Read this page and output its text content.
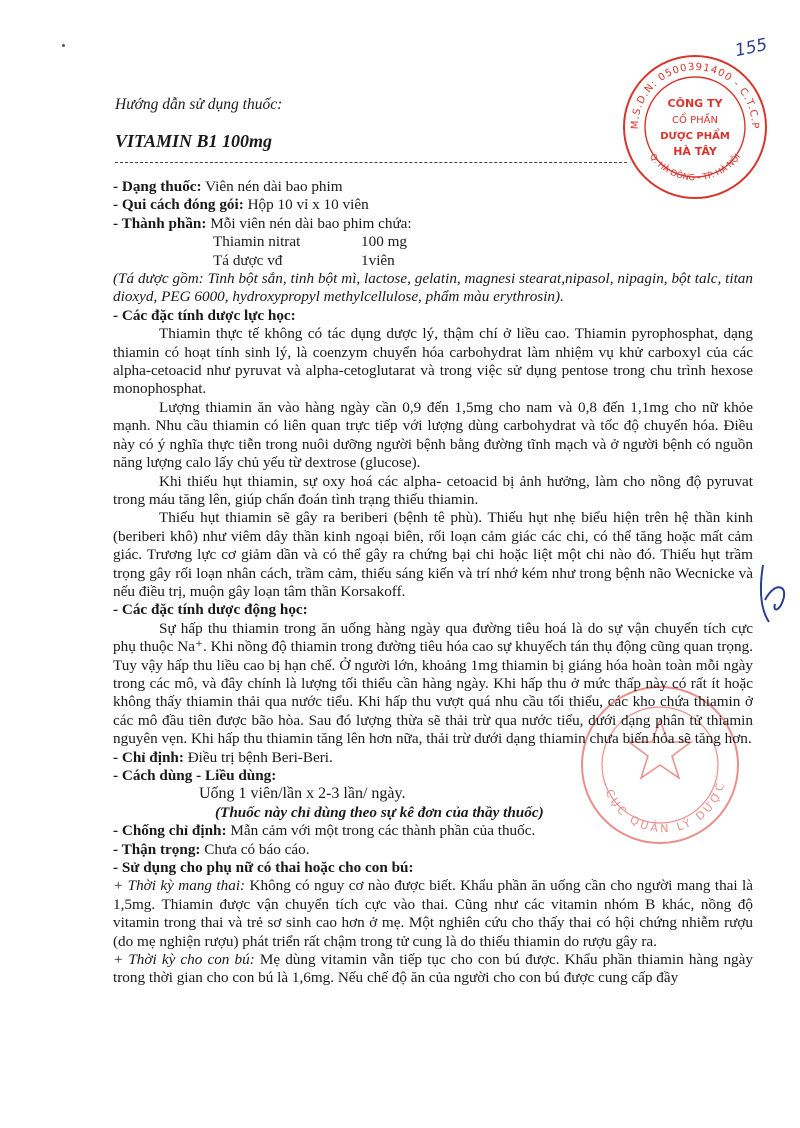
155
Hướng dẫn sử dụng thuốc:
VITAMIN B1 100mg
M.S.D.N: 0500391400 - C.T.C.P
Q. HÀ ĐÔNG - TP. HÀ NỘI
CÔNG TY
CỔ PHẦN
DƯỢC PHẨM
HÀ TÂY
CỤC QUẢN LÝ DƯỢC

- Dạng thuốc: Viên nén dài bao phim

- Qui cách đóng gói: Hộp 10 vỉ x 10 viên

- Thành phần: Mỗi viên nén dài bao phim chứa:

Thiamin nitrat	100 mg
Tá dược vđ	1viên

(Tá dược gồm: Tinh bột sắn, tinh bột mì, lactose, gelatin, magnesi stearat,nipasol, nipagin, bột talc, titan dioxyd, PEG 6000, hydroxypropyl methylcellulose, phẩm màu erythrosin).

- Các đặc tính dược lực học:

Thiamin thực tế không có tác dụng dược lý, thậm chí ở liều cao. Thiamin pyrophosphat, dạng thiamin có hoạt tính sinh lý, là coenzym chuyển hóa carbohydrat làm nhiệm vụ khử carboxyl của các alpha-cetoacid như pyruvat và alpha-cetoglutarat và trong việc sử dụng pentose trong chu trình hexose monophosphat.

Lượng thiamin ăn vào hàng ngày cần 0,9 đến 1,5mg cho nam và 0,8 đến 1,1mg cho nữ khỏe mạnh. Nhu cầu thiamin có liên quan trực tiếp với lượng dùng carbohydrat và tốc độ chuyển hóa. Điều này có ý nghĩa thực tiễn trong nuôi dưỡng người bệnh bằng đường tĩnh mạch và ở người bệnh có nguồn năng lượng calo lấy chủ yếu từ dextrose (glucose).

Khi thiếu hụt thiamin, sự oxy hoá các alpha- cetoacid bị ảnh hưởng, làm cho nồng độ pyruvat trong máu tăng lên, giúp chẩn đoán tình trạng thiếu thiamin.

Thiếu hụt thiamin sẽ gây ra beriberi (bệnh tê phù). Thiếu hụt nhẹ biểu hiện trên hệ thần kinh (beriberi khô) như viêm dây thần kinh ngoại biên, rối loạn cảm giác các chi, có thể tăng hoặc mất cảm giác. Trương lực cơ giảm dần và có thể gây ra chứng bại chi hoặc liệt một chi nào đó. Thiếu hụt trầm trọng gây rối loạn nhân cách, trầm cảm, thiếu sáng kiến và trí nhớ kém như trong bệnh não Wecnicke và nếu điều trị, muộn gây loạn tâm thần Korsakoff.

- Các đặc tính dược động học:

Sự hấp thu thiamin trong ăn uống hàng ngày qua đường tiêu hoá là do sự vận chuyển tích cực phụ thuộc Na⁺. Khi nồng độ thiamin trong đường tiêu hóa cao sự khuyếch tán thụ động cũng quan trọng. Tuy vậy hấp thu liều cao bị hạn chế. Ở người lớn, khoảng 1mg thiamin bị giáng hóa hoàn toàn mỗi ngày trong các mô, và đây chính là lượng tối thiểu cần hàng ngày. Khi hấp thu ở mức thấp này có rất ít hoặc không thấy thiamin thải qua nước tiểu. Khi hấp thu vượt quá nhu cầu tối thiểu, các kho chứa thiamin ở các mô đầu tiên được bão hòa. Sau đó lượng thừa sẽ thải trừ qua nước tiểu, dưới dạng phân tử thiamin nguyên vẹn. Khi hấp thu thiamin tăng lên hơn nữa, thải trừ dưới dạng thiamin chưa biến hóa sẽ tăng hơn.

- Chỉ định: Điều trị bệnh Beri-Beri.

- Cách dùng - Liều dùng:

Uống 1 viên/lần x 2-3 lần/ ngày.

(Thuốc này chỉ dùng theo sự kê đơn của thầy thuốc)

- Chống chỉ định: Mẫn cảm với một trong các thành phần của thuốc.

- Thận trọng: Chưa có báo cáo.

- Sử dụng cho phụ nữ có thai hoặc cho con bú:

+ Thời kỳ mang thai: Không có nguy cơ nào được biết. Khẩu phần ăn uống cần cho người mang thai là 1,5mg. Thiamin được vận chuyển tích cực vào thai. Cũng như các vitamin nhóm B khác, nồng độ vitamin trong thai và trẻ sơ sinh cao hơn ở mẹ. Một nghiên cứu cho thấy thai có hội chứng nhiễm rượu (do mẹ nghiện rượu) phát triển rất chậm trong tử cung là do thiếu thiamin do rượu gây ra.

+ Thời kỳ cho con bú: Mẹ dùng vitamin vẫn tiếp tục cho con bú được. Khẩu phần thiamin hàng ngày trong thời gian cho con bú là 1,6mg. Nếu chế độ ăn của người cho con bú được cung cấp đầy
